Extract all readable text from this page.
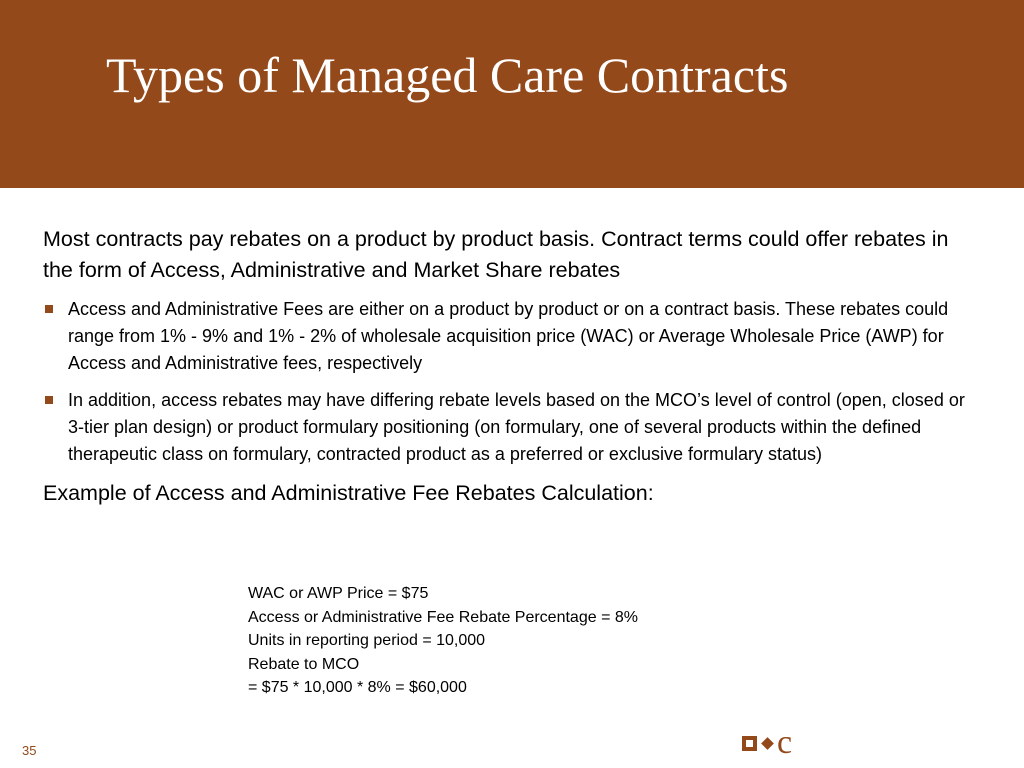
Types of Managed Care Contracts

Most contracts pay rebates on a product by product basis. Contract terms could offer rebates in the form of Access, Administrative and Market Share rebates

Access and Administrative Fees are either on a product by product or on a contract basis. These rebates could range from 1% - 9% and 1% - 2% of wholesale acquisition price (WAC) or Average Wholesale Price (AWP) for Access and Administrative fees, respectively
In addition, access rebates may have differing rebate levels based on the MCO’s level of control (open, closed or 3-tier plan design) or product formulary positioning (on formulary, one of several products within the defined therapeutic class on formulary, contracted product as a preferred or exclusive formulary status)

Example of Access and Administrative Fee Rebates Calculation:

WAC or AWP Price = $75
Access or Administrative Fee Rebate Percentage = 8%
Units in reporting period = 10,000
Rebate to MCO
= $75 * 10,000 * 8% = $60,000
35	c
